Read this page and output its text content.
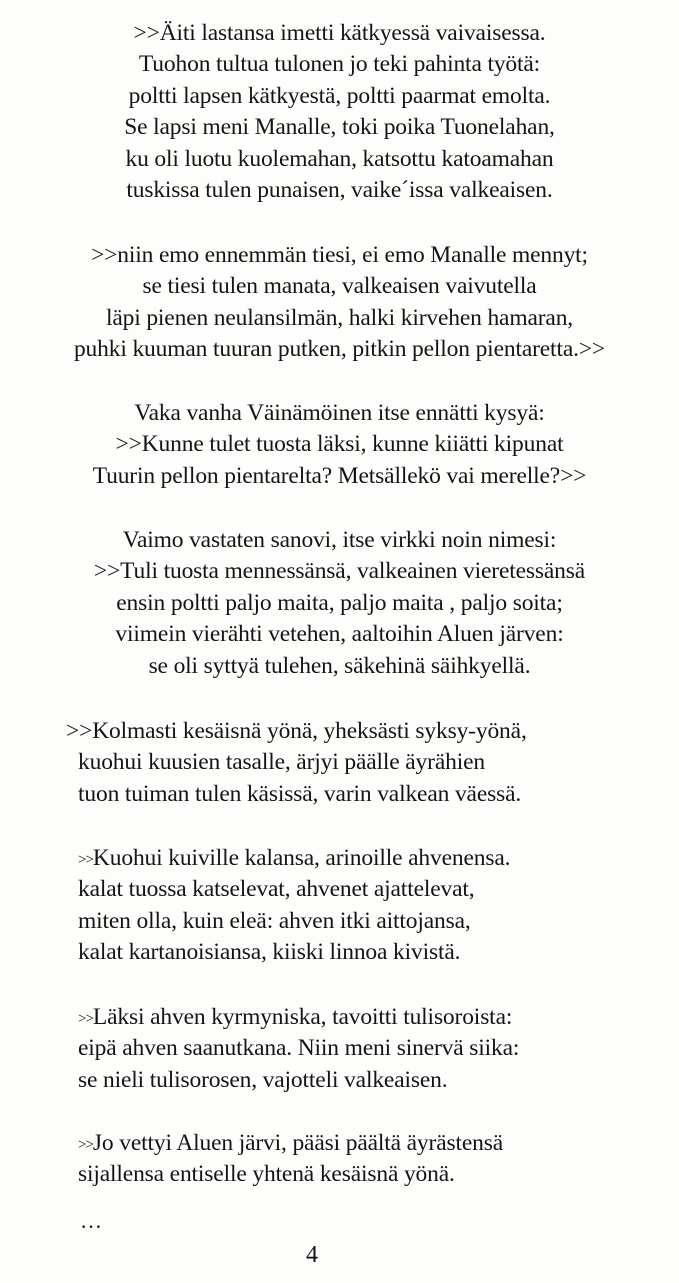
>>Äiti lastansa imetti kätkyessä vaivaisessa.
Tuohon tultua tulonen jo teki pahinta työtä:
poltti lapsen kätkyestä, poltti paarmat emolta.
Se lapsi meni Manalle, toki poika Tuonelahan,
ku oli luotu kuolemahan, katsottu katoamahan
tuskissa tulen punaisen, vaike´issa valkeaisen.
>>niin emo ennemmän tiesi, ei emo Manalle mennyt;
se tiesi tulen manata, valkeaisen vaivutella
läpi pienen neulansilmän, halki kirvehen hamaran,
puhki kuuman tuuran putken, pitkin pellon pientaretta.>>
Vaka vanha Väinämöinen itse ennätti kysyä:
>>Kunne tulet tuosta läksi, kunne kiiätti kipunat
Tuurin pellon pientarelta? Metsällekö vai merelle?>>
Vaimo vastaten sanovi, itse virkki noin nimesi:
>>Tuli tuosta mennessänsä, valkeainen vieretessänsä
ensin poltti paljo maita, paljo maita , paljo soita;
viimein vierähti vetehen, aaltoihin Aluen järven:
se oli syttyä tulehen, säkehinä säihkyellä.
>>Kolmasti kesäisnä yönä, yheksästi syksy-yönä,
kuohui kuusien tasalle, ärjyi päälle äyrähien
tuon tuiman tulen käsissä, varin valkean väessä.
>>Kuohui kuiville kalansa, arinoille ahvenensa.
kalat tuossa katselevat, ahvenet ajattelevat,
miten olla, kuin eleä: ahven itki aittojansa,
kalat kartanoisiansa, kiiski linnoa kivistä.
>>Läksi ahven kyrmyniska, tavoitti tulisoroista:
eipä ahven saanutkana. Niin meni sinervä siika:
se nieli tulisorosen, vajotteli valkeaisen.
>>Jo vettyi Aluen järvi, pääsi päältä äyrästensä
sijallensa entiselle yhtenä kesäisnä yönä.
…
4
